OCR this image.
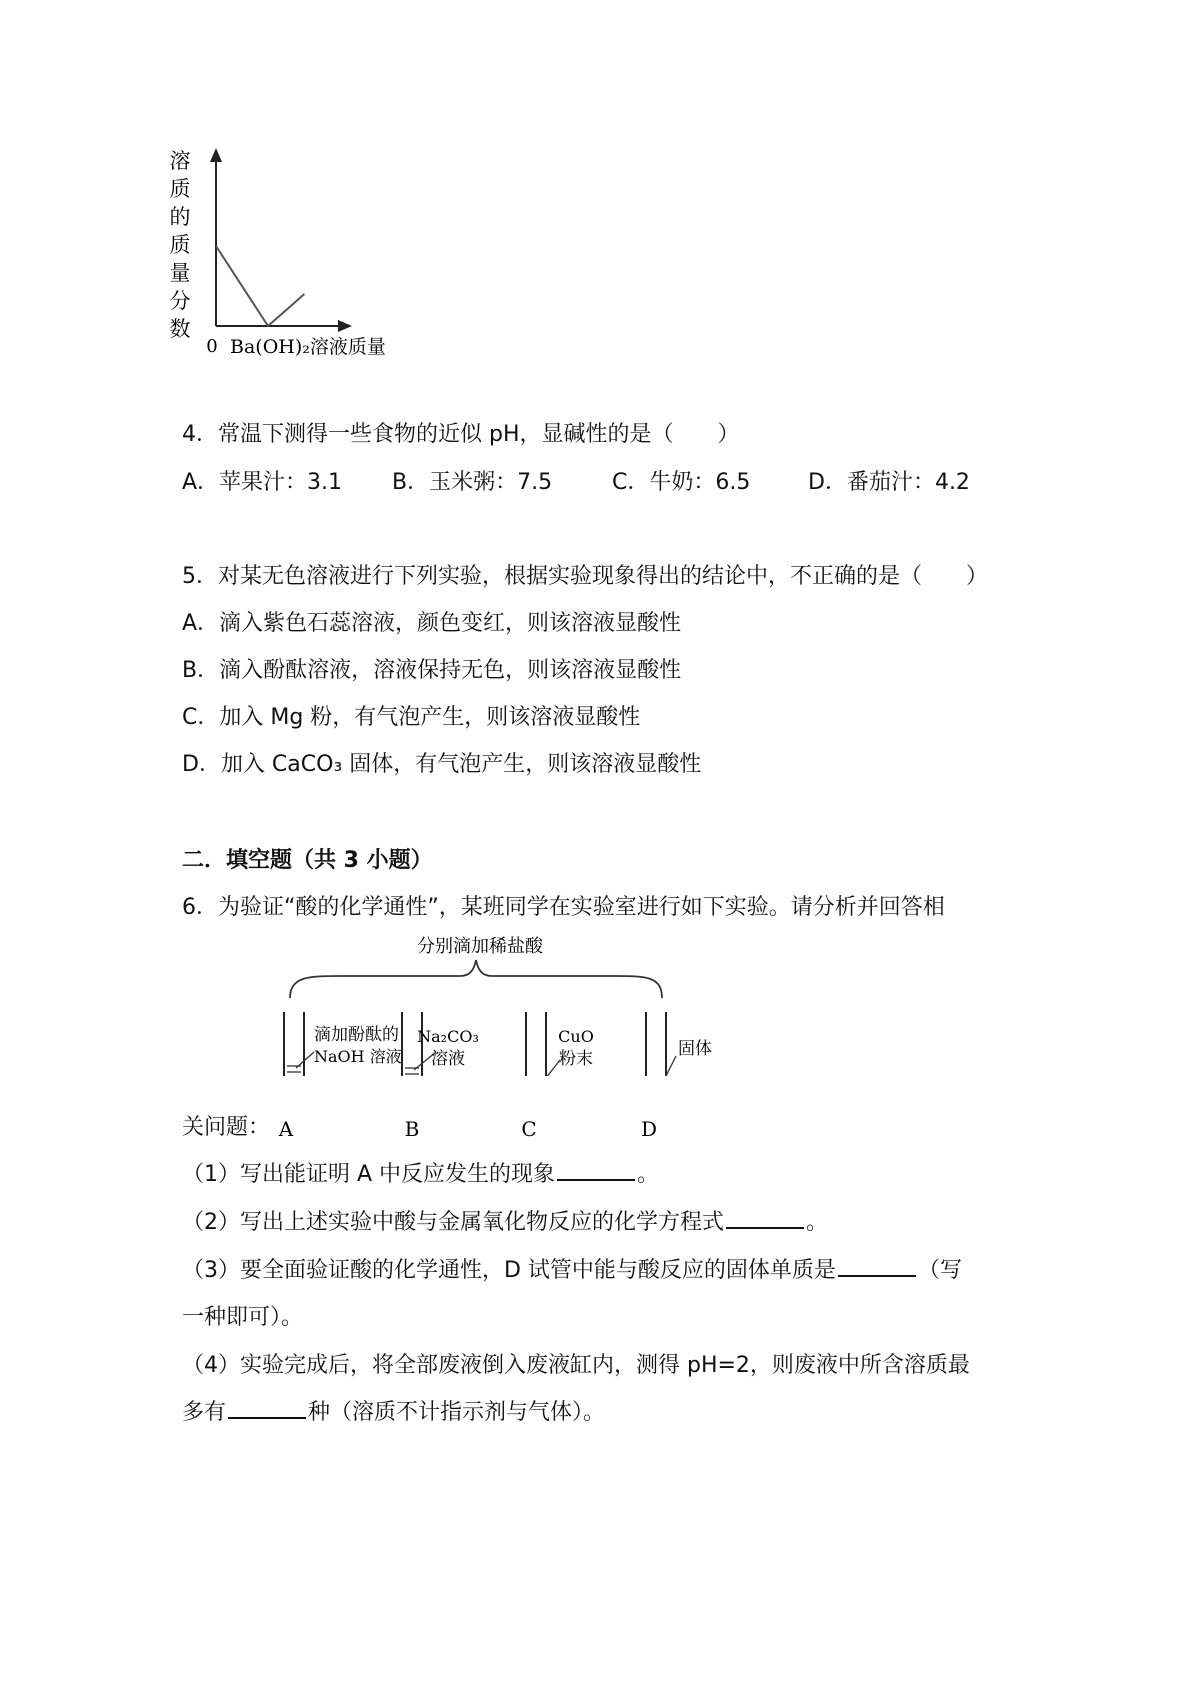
溶
质
的
质
量
分
数
0 Ba(OH)₂溶液质量
4．常温下测得一些食物的近似 pH，显碱性的是（　　）
A．苹果汁：3.1 B．玉米粥：7.5	C．牛奶：6.5	D．番茄汁：4.2
5．对某无色溶液进行下列实验，根据实验现象得出的结论中，不正确的是（　　）
A．滴入紫色石蕊溶液，颜色变红，则该溶液显酸性
B．滴入酚酞溶液，溶液保持无色，则该溶液显酸性
C．加入 Mg 粉，有气泡产生，则该溶液显酸性
D．加入 CaCO₃ 固体，有气泡产生，则该溶液显酸性
二．填空题（共 3 小题）
6．为验证“酸的化学通性”，某班同学在实验室进行如下实验。请分析并回答相
分别滴加稀盐酸
滴加酚酞的
NaOH 溶液
Na₂CO₃
溶液
CuO
粉末	固体
关问题： A	B	C	D
（1）写出能证明 A 中反应发生的现象	。
（2）写出上述实验中酸与金属氧化物反应的化学方程式	。
（3）要全面验证酸的化学通性，D 试管中能与酸反应的固体单质是	（写
一种即可）。
（4）实验完成后，将全部废液倒入废液缸内，测得 pH=2，则废液中所含溶质最
多有	种（溶质不计指示剂与气体）。
